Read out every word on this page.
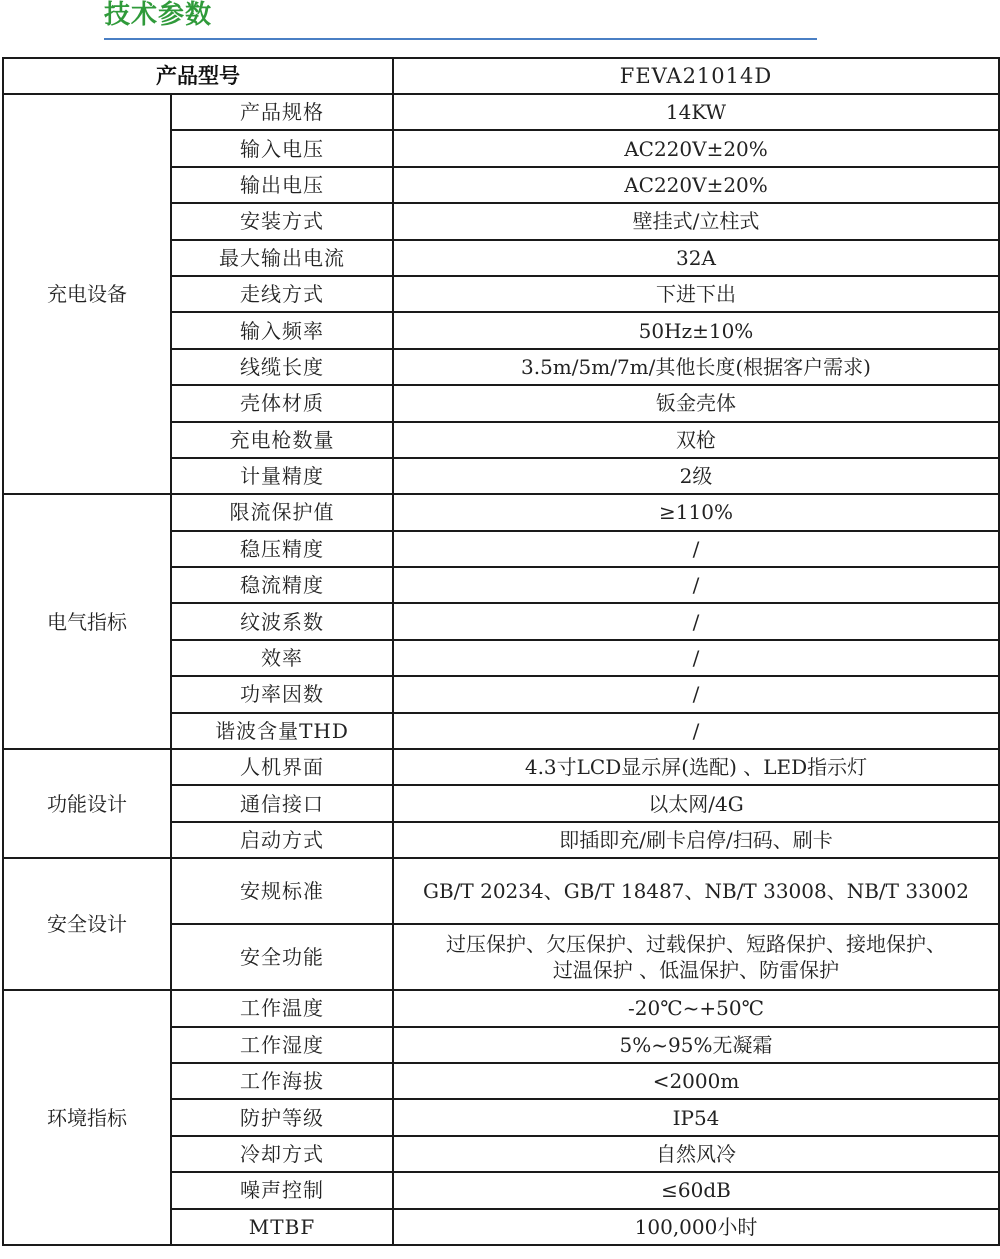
技术参数
产品型号		FEVA21014D
充电设备	产品规格	14KW
	输入电压	AC220V±20%
	输出电压	AC220V±20%
	安装方式	壁挂式/立柱式
	最大输出电流	32A
	走线方式	下进下出
	输入频率	50Hz±10%
	线缆长度	3.5m/5m/7m/其他长度(根据客户需求)
	壳体材质	钣金壳体
	充电枪数量	双枪
	计量精度	2级
电气指标	限流保护值	≥110%
	稳压精度	/
	稳流精度	/
	纹波系数	/
	效率	/
	功率因数	/
	谐波含量THD	/
功能设计	人机界面	4.3寸LCD显示屏(选配) 、LED指示灯
	通信接口	以太网/4G
	启动方式	即插即充/刷卡启停/扫码、刷卡
安全设计	安规标准	GB/T 20234、GB/T 18487、NB/T 33008、NB/T 33002
	安全功能	过压保护、欠压保护、过载保护、短路保护、接地保护、
过温保护 、低温保护、防雷保护

环境指标	工作温度	-20℃~+50℃
	工作湿度	5%~95%无凝霜
	工作海拔	<2000m
	防护等级	IP54
	冷却方式	自然风冷
	噪声控制	≤60dB
	MTBF	100,000小时
